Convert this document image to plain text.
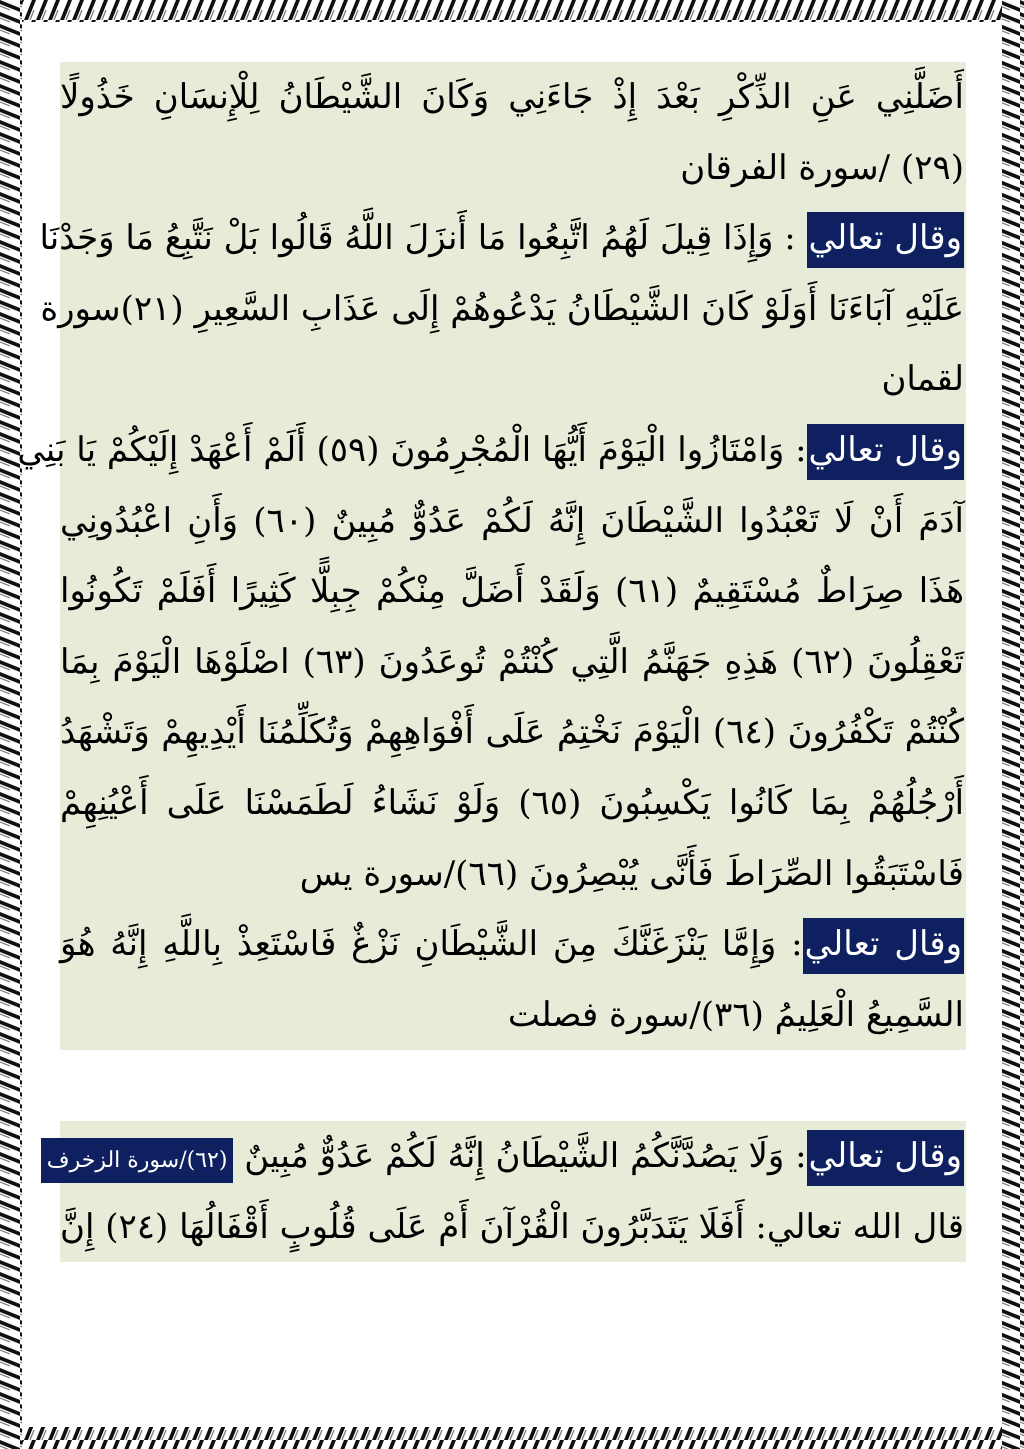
أَضَلَّنِي عَنِ الذِّكْرِ بَعْدَ إِذْ جَاءَنِي وَكَانَ الشَّيْطَانُ لِلْإِنسَانِ خَذُولًا
(٢٩) /سورة الفرقان
وقال تعالي : وَإِذَا قِيلَ لَهُمُ اتَّبِعُوا مَا أَنزَلَ اللَّهُ قَالُوا بَلْ نَتَّبِعُ مَا وَجَدْنَا
عَلَيْهِ آبَاءَنَا أَوَلَوْ كَانَ الشَّيْطَانُ يَدْعُوهُمْ إِلَى عَذَابِ السَّعِيرِ (٢١)سورة
لقمان
وقال تعالي: وَامْتَازُوا الْيَوْمَ أَيُّهَا الْمُجْرِمُونَ (٥٩) أَلَمْ أَعْهَدْ إِلَيْكُمْ يَا بَنِي
آدَمَ أَنْ لَا تَعْبُدُوا الشَّيْطَانَ إِنَّهُ لَكُمْ عَدُوٌّ مُبِينٌ (٦٠) وَأَنِ اعْبُدُونِي
هَذَا صِرَاطٌ مُسْتَقِيمٌ (٦١) وَلَقَدْ أَضَلَّ مِنْكُمْ جِبِلًّا كَثِيرًا أَفَلَمْ تَكُونُوا
تَعْقِلُونَ (٦٢) هَذِهِ جَهَنَّمُ الَّتِي كُنْتُمْ تُوعَدُونَ (٦٣) اصْلَوْهَا الْيَوْمَ بِمَا
كُنْتُمْ تَكْفُرُونَ (٦٤) الْيَوْمَ نَخْتِمُ عَلَى أَفْوَاهِهِمْ وَتُكَلِّمُنَا أَيْدِيهِمْ وَتَشْهَدُ
أَرْجُلُهُمْ بِمَا كَانُوا يَكْسِبُونَ (٦٥) وَلَوْ نَشَاءُ لَطَمَسْنَا عَلَى أَعْيُنِهِمْ
فَاسْتَبَقُوا الصِّرَاطَ فَأَنَّى يُبْصِرُونَ (٦٦)/سورة يس
وقال تعالي: وَإِمَّا يَنْزَغَنَّكَ مِنَ الشَّيْطَانِ نَزْغٌ فَاسْتَعِذْ بِاللَّهِ إِنَّهُ هُوَ
السَّمِيعُ الْعَلِيمُ (٣٦)/سورة فصلت
وقال تعالي: وَلَا يَصُدَّنَّكُمُ الشَّيْطَانُ إِنَّهُ لَكُمْ عَدُوٌّ مُبِينٌ (٦٢)/سورة الزخرف
قال الله تعالي: أَفَلَا يَتَدَبَّرُونَ الْقُرْآنَ أَمْ عَلَى قُلُوبٍ أَقْفَالُهَا (٢٤) إِنَّ
